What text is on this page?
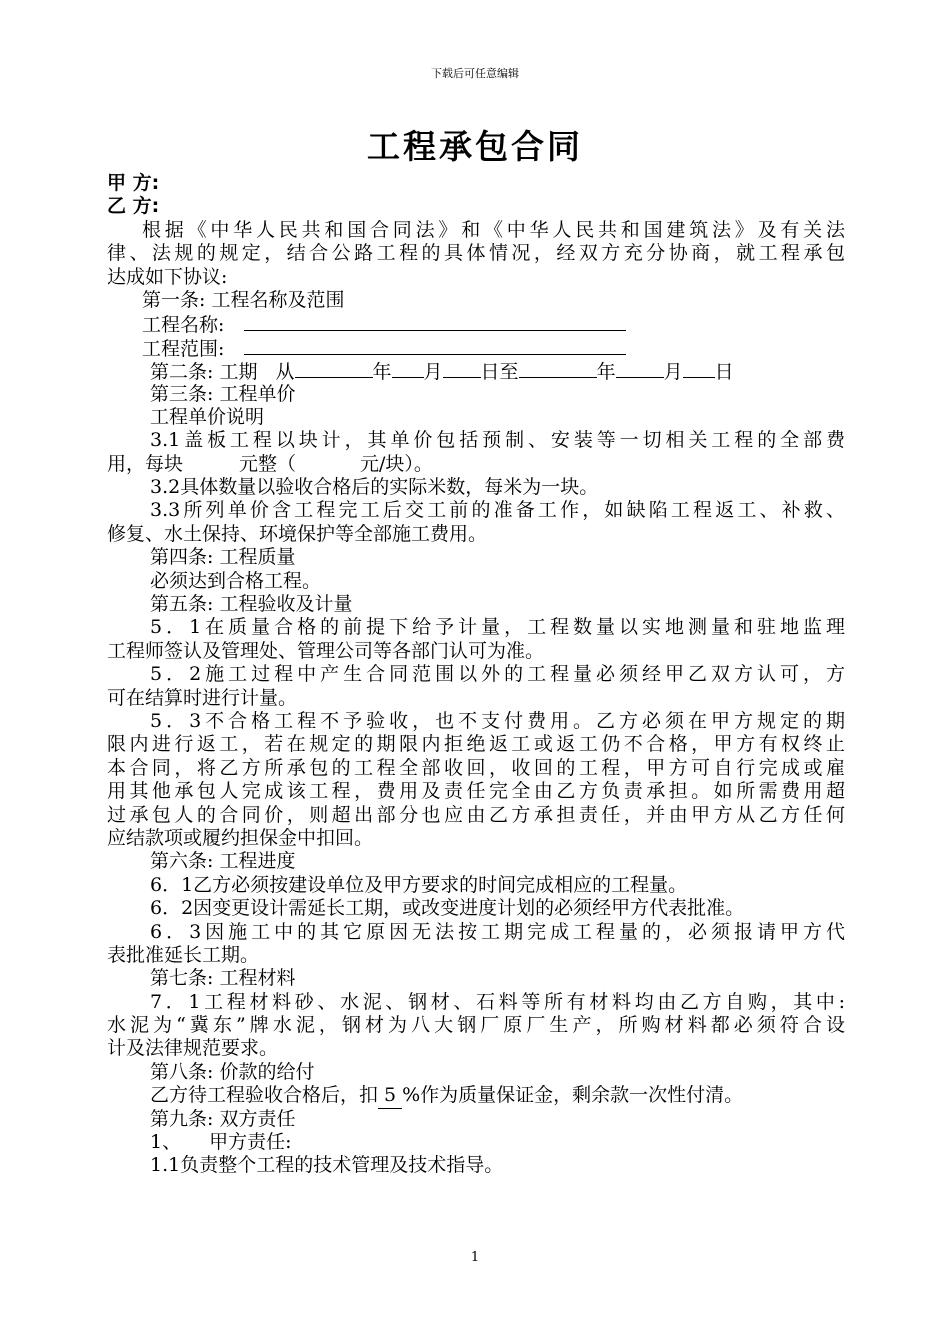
下载后可任意编辑
工程承包合同
甲 方:
乙 方:
根据《中华人民共和国合同法》和《中华人民共和国建筑法》及有关法
律、法规的规定，结合公路工程的具体情况，经双方充分协商，就工程承包
达成如下协议:
第一条: 工程名称及范围
工程名称:
工程范围:
第二条: 工期 从	年 月 日至	年	月 日
第三条: 工程单价
工程单价说明
3.1盖板工程以块计，其单价包括预制、安装等一切相关工程的全部费
用，每块	元整（	元/块）。
3.2具体数量以验收合格后的实际米数，每米为一块。
3.3所列单价含工程完工后交工前的准备工作，如缺陷工程返工、补救、
修复、水土保持、环境保护等全部施工费用。
第四条: 工程质量
必须达到合格工程。
第五条: 工程验收及计量
5．1在质量合格的前提下给予计量，工程数量以实地测量和驻地监理
工程师签认及管理处、管理公司等各部门认可为准。
5．2施工过程中产生合同范围以外的工程量必须经甲乙双方认可，方
可在结算时进行计量。
5．3不合格工程不予验收，也不支付费用。乙方必须在甲方规定的期
限内进行返工，若在规定的期限内拒绝返工或返工仍不合格，甲方有权终止
本合同，将乙方所承包的工程全部收回，收回的工程，甲方可自行完成或雇
用其他承包人完成该工程，费用及责任完全由乙方负责承担。如所需费用超
过承包人的合同价，则超出部分也应由乙方承担责任，并由甲方从乙方任何
应结款项或履约担保金中扣回。
第六条: 工程进度
6．1乙方必须按建设单位及甲方要求的时间完成相应的工程量。
6．2因变更设计需延长工期，或改变进度计划的必须经甲方代表批准。
6．3因施工中的其它原因无法按工期完成工程量的，必须报请甲方代
表批准延长工期。
第七条: 工程材料
7．1工程材料砂、水泥、钢材、石料等所有材料均由乙方自购，其中:
水泥为“冀东”牌水泥，钢材为八大钢厂原厂生产，所购材料都必须符合设
计及法律规范要求。
第八条: 价款的给付
乙方待工程验收合格后，扣 5 %作为质量保证金，剩余款一次性付清。
第九条: 双方责任
1、 甲方责任:
1.1负责整个工程的技术管理及技术指导。
1
